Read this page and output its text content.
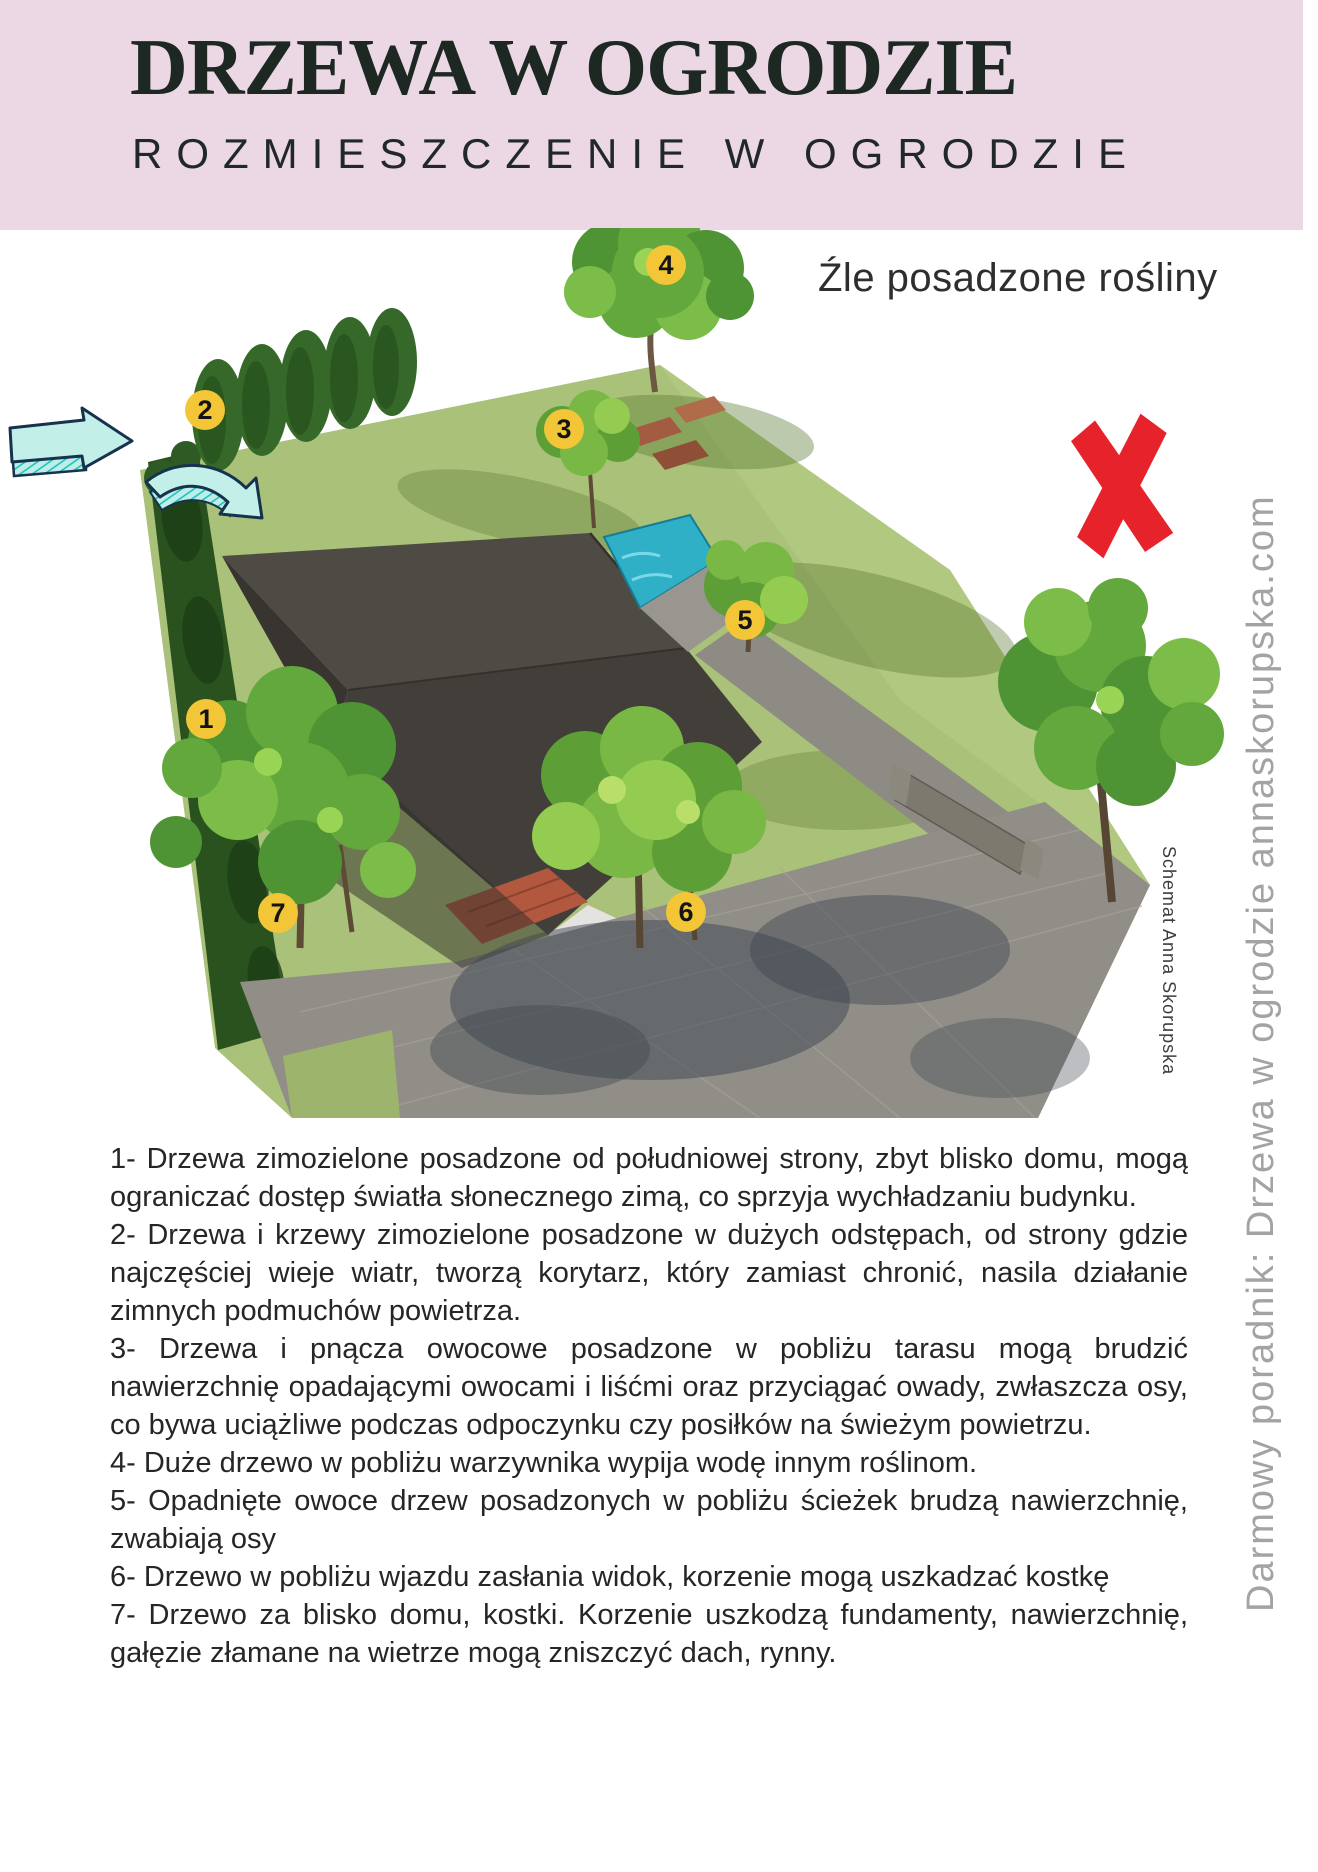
DRZEWA W OGRODZIE
ROZMIESZCZENIE W OGRODZIE
Źle posadzone rośliny
1
2
3
4
5
6
7	Schemat Anna Skorupska Darmowy poradnik: Drzewa w ogrodzie annaskorupska.com

1- Drzewa zimozielone posadzone od południowej strony, zbyt blisko domu, mogą ograniczać dostęp światła słonecznego zimą, co sprzyja wychładzaniu budynku.

2- Drzewa i krzewy zimozielone posadzone w dużych odstępach, od strony gdzie najczęściej wieje wiatr, tworzą korytarz, który zamiast chronić, nasila działanie zimnych podmuchów powietrza.

3- Drzewa i pnącza owocowe posadzone w pobliżu tarasu mogą brudzić nawierzchnię opadającymi owocami i liśćmi oraz przyciągać owady, zwłaszcza osy, co bywa uciążliwe podczas odpoczynku czy posiłków na świeżym powietrzu.

4- Duże drzewo w pobliżu warzywnika wypija wodę innym roślinom.

5- Opadnięte owoce drzew posadzonych w pobliżu ścieżek brudzą nawierzchnię, zwabiają osy

6- Drzewo w pobliżu wjazdu zasłania widok, korzenie mogą uszkadzać kostkę

7- Drzewo za blisko domu, kostki. Korzenie uszkodzą fundamenty, nawierzchnię, gałęzie złamane na wietrze mogą zniszczyć dach, rynny.
